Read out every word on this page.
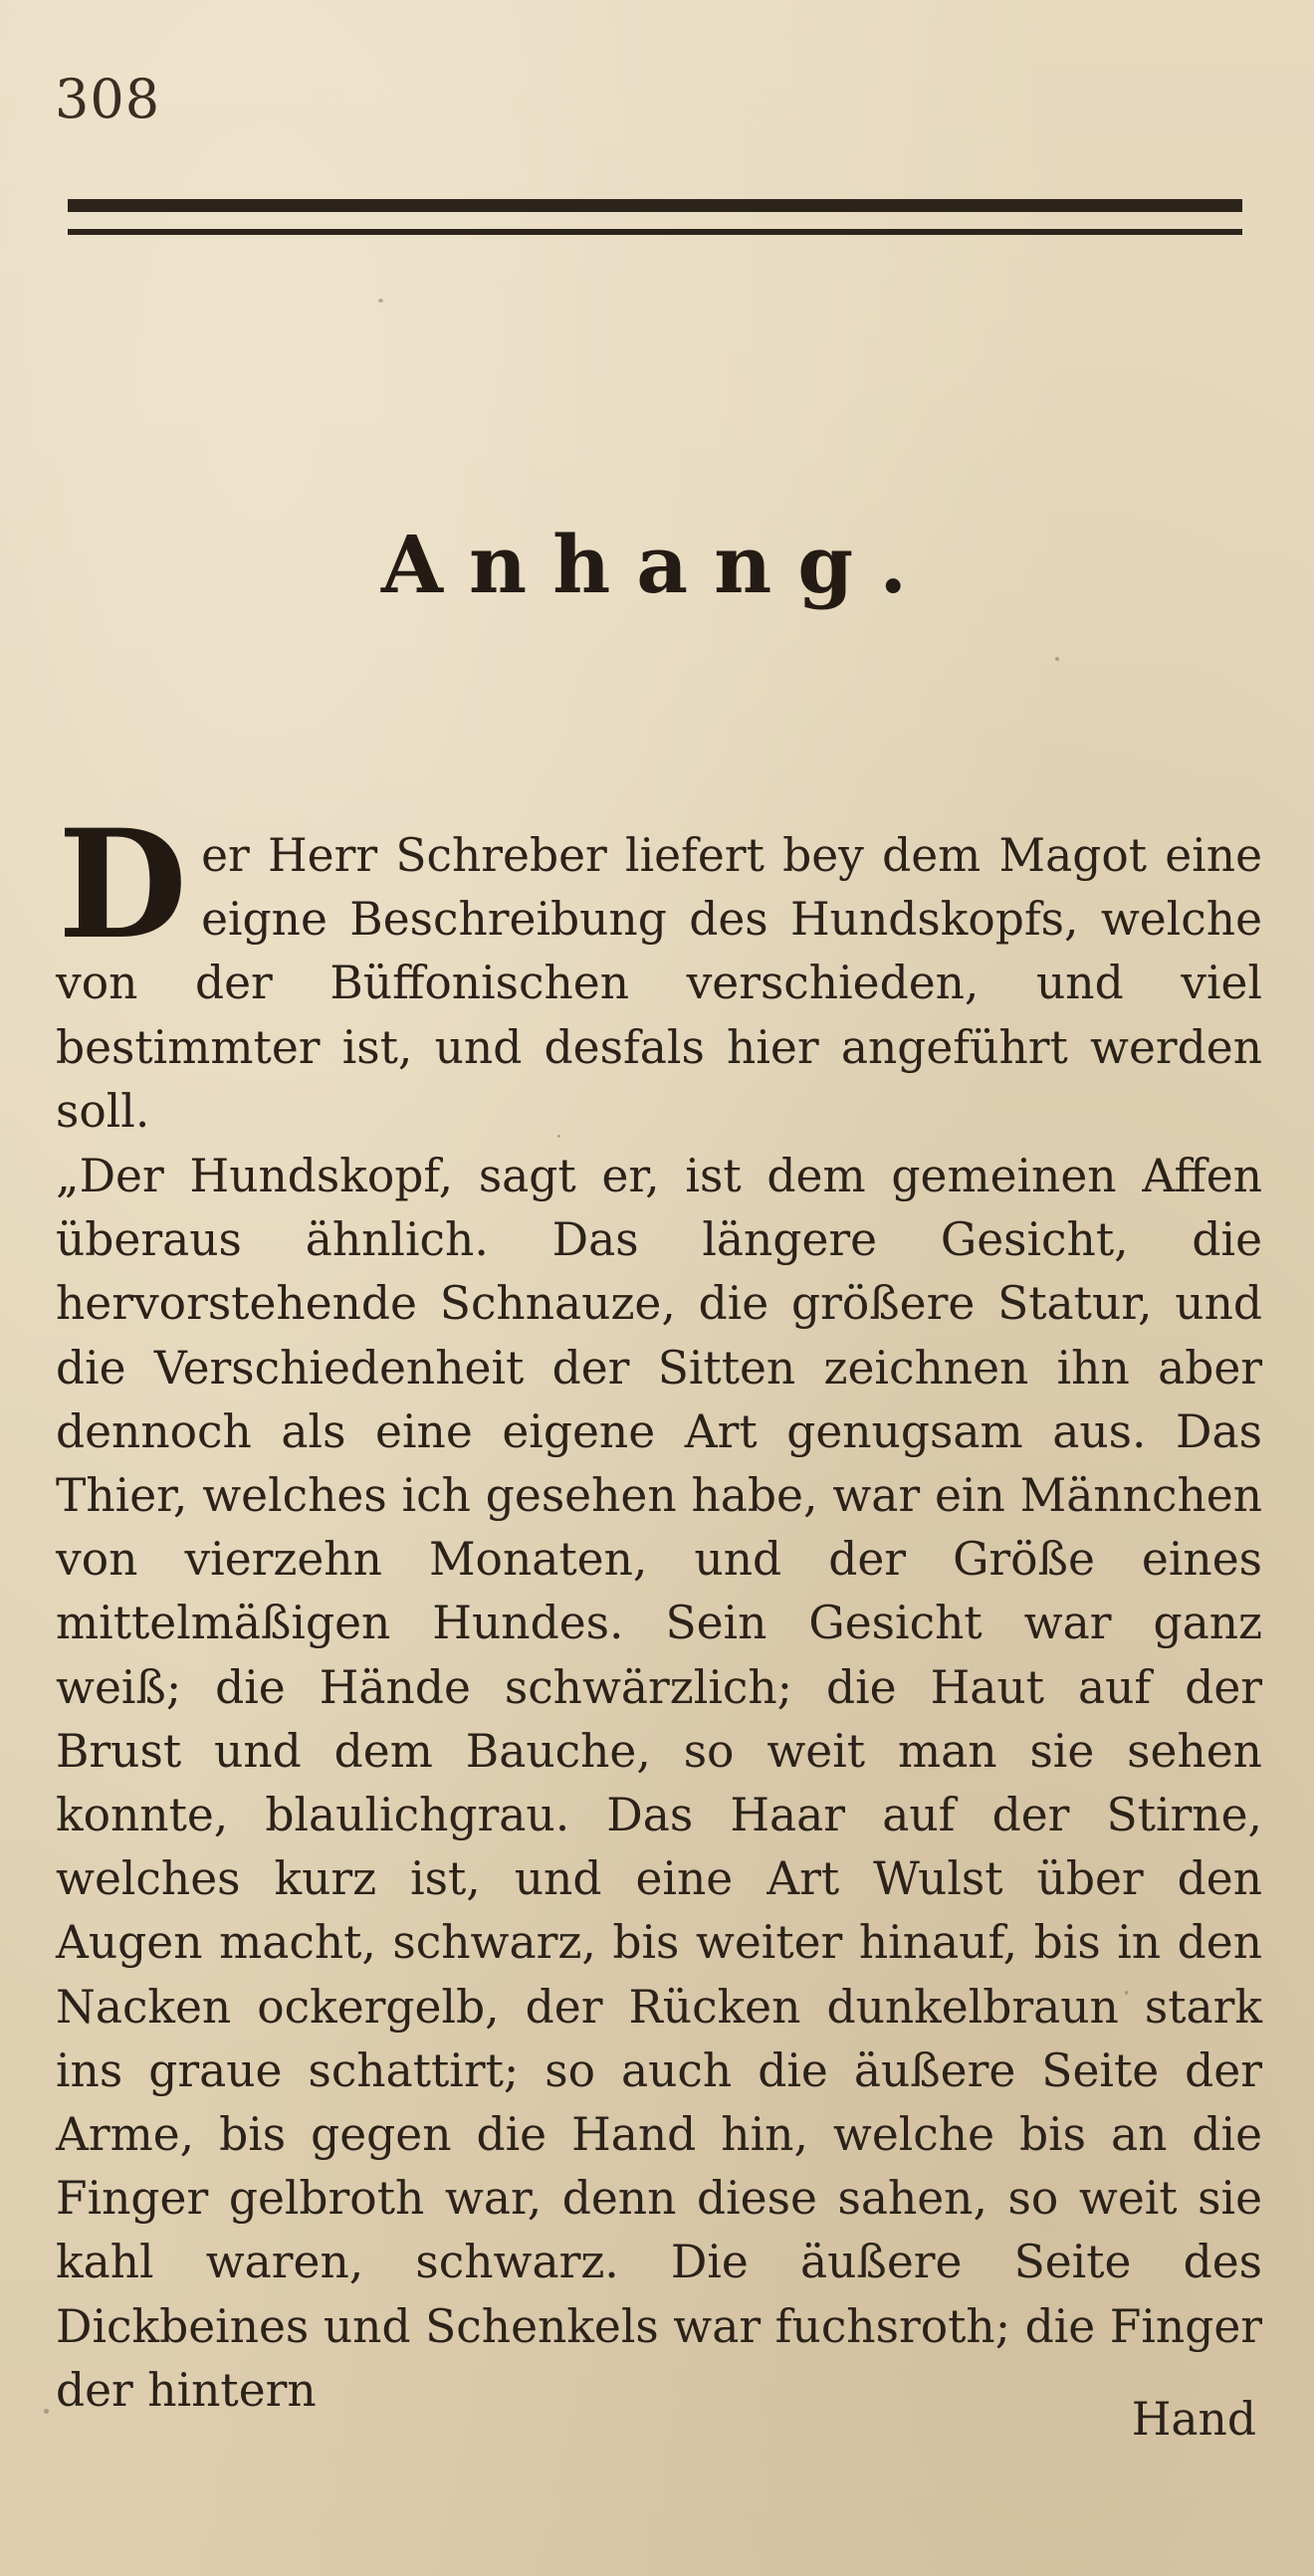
308
Anhang.
D er Herr Schreber liefert bey dem Magot eine eigne Beschreibung des Hundskopfs, welche von der Büffonischen verschieden, und viel bestimmter ist, und desfals hier angeführt werden soll.
„Der Hundskopf, sagt er, ist dem gemeinen Affen überaus ähnlich. Das längere Gesicht, die hervorstehende Schnauze, die größere Statur, und die Verschiedenheit der Sitten zeichnen ihn aber dennoch als eine eigene Art genugsam aus. Das Thier, welches ich gesehen habe, war ein Männchen von vierzehn Monaten, und der Größe eines mittelmäßigen Hundes. Sein Gesicht war ganz weiß; die Hände schwärzlich; die Haut auf der Brust und dem Bauche, so weit man sie sehen konnte, blaulichgrau. Das Haar auf der Stirne, welches kurz ist, und eine Art Wulst über den Augen macht, schwarz, bis weiter hinauf, bis in den Nacken ockergelb, der Rücken dunkelbraun stark ins graue schattirt; so auch die äußere Seite der Arme, bis gegen die Hand hin, welche bis an die Finger gelbroth war, denn diese sahen, so weit sie kahl waren, schwarz. Die äußere Seite des Dickbeines und Schenkels war fuchsroth; die Finger der hintern
Hand
